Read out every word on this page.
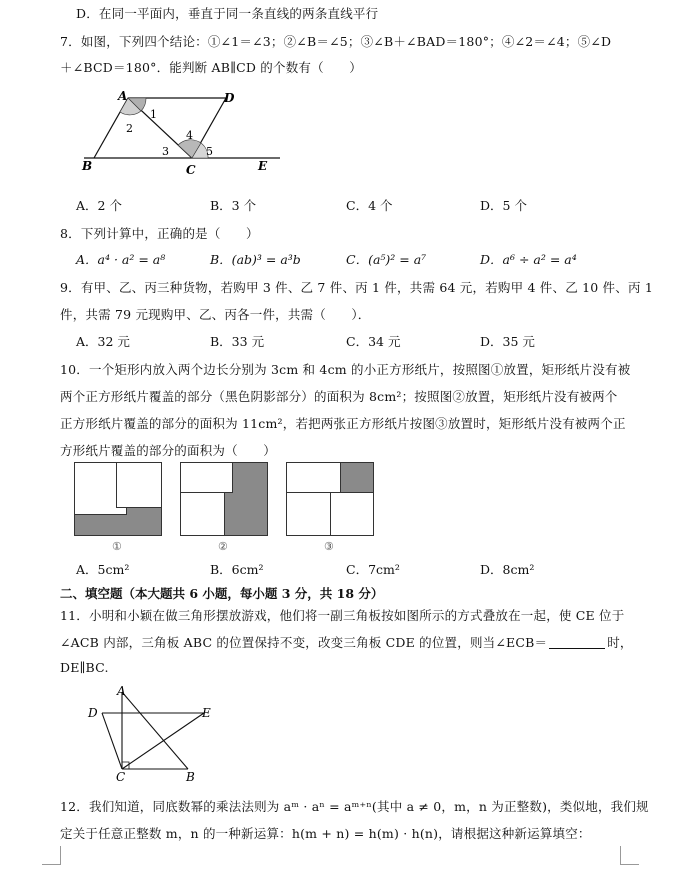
D．在同一平面内，垂直于同一条直线的两条直线平行
7．如图，下列四个结论：①∠1＝∠3；②∠B＝∠5；③∠B＋∠BAD＝180°；④∠2＝∠4；⑤∠D
＋∠BCD＝180°．能判断 AB∥CD 的个数有（　　）
A	D
B	C	E
1
2
3
4
5
A．2 个	B．3 个	C．4 个	D．5 个
8．下列计算中，正确的是（　　）
A．a⁴ · a² = a⁸	B．(ab)³ = a³b	C．(a⁵)² = a⁷	D．a⁶ ÷ a² = a⁴
9．有甲、乙、丙三种货物，若购甲 3 件、乙 7 件、丙 1 件，共需 64 元，若购甲 4 件、乙 10 件、丙 1
件，共需 79 元现购甲、乙、丙各一件，共需（　　）．
A．32 元	B．33 元	C．34 元	D．35 元
10．一个矩形内放入两个边长分别为 3cm 和 4cm 的小正方形纸片，按照图①放置，矩形纸片没有被
两个正方形纸片覆盖的部分（黑色阴影部分）的面积为 8cm²；按照图②放置，矩形纸片没有被两个
正方形纸片覆盖的部分的面积为 11cm²，若把两张正方形纸片按图③放置时，矩形纸片没有被两个正
方形纸片覆盖的部分的面积为（　　）
①	②	③
A．5cm²	B．6cm²	C．7cm²	D．8cm²
二、填空题（本大题共 6 小题，每小题 3 分，共 18 分）
11．小明和小颖在做三角形摆放游戏，他们将一副三角板按如图所示的方式叠放在一起，使 CE 位于
∠ACB 内部，三角板 ABC 的位置保持不变，改变三角板 CDE 的位置，则当∠ECB＝	时，
DE∥BC.
A
D	E
C	B
12．我们知道，同底数幂的乘法法则为 aᵐ · aⁿ = aᵐ⁺ⁿ(其中 a ≠ 0，m，n 为正整数)，类似地，我们规
定关于任意正整数 m，n 的一种新运算：h(m + n) = h(m) · h(n)，请根据这种新运算填空：
